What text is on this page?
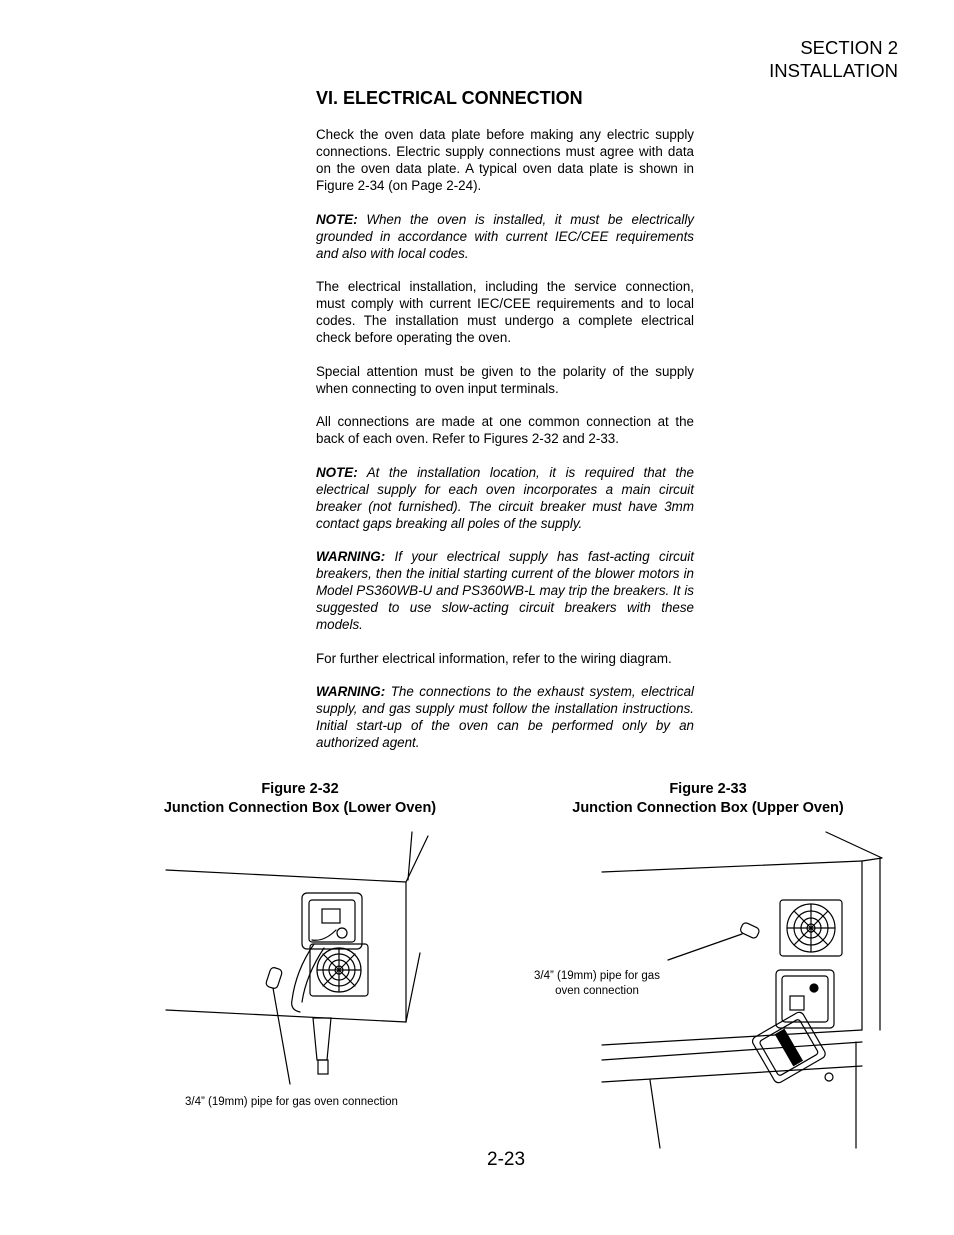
SECTION 2
INSTALLATION
VI. ELECTRICAL CONNECTION

Check the oven data plate before making any electric supply connections. Electric supply connections must agree with data on the oven data plate. A typical oven data plate is shown in Figure 2-34 (on Page 2-24).

NOTE: When the oven is installed, it must be electrically grounded in accordance with current IEC/CEE requirements and also with local codes.

The electrical installation, including the service connection, must comply with current IEC/CEE requirements and to local codes. The installation must undergo a complete electrical check before operating the oven.

Special attention must be given to the polarity of the supply when connecting to oven input terminals.

All connections are made at one common connection at the back of each oven. Refer to Figures 2-32 and 2-33.

NOTE: At the installation location, it is required that the electrical supply for each oven incorporates a main circuit breaker (not furnished). The circuit breaker must have 3mm contact gaps breaking all poles of the supply.

WARNING: If your electrical supply has fast-acting circuit breakers, then the initial starting current of the blower motors in Model PS360WB-U and PS360WB-L may trip the breakers. It is suggested to use slow-acting circuit breakers with these models.

For further electrical information, refer to the wiring diagram.

WARNING: The connections to the exhaust system, electrical supply, and gas supply must follow the installation instructions. Initial start-up of the oven can be performed only by an authorized agent.

Figure 2-32
Junction Connection Box (Lower Oven)
Figure 2-33
Junction Connection Box (Upper Oven)
3/4” (19mm) pipe for gas oven connection
3/4” (19mm) pipe for gas
oven connection
2-23
